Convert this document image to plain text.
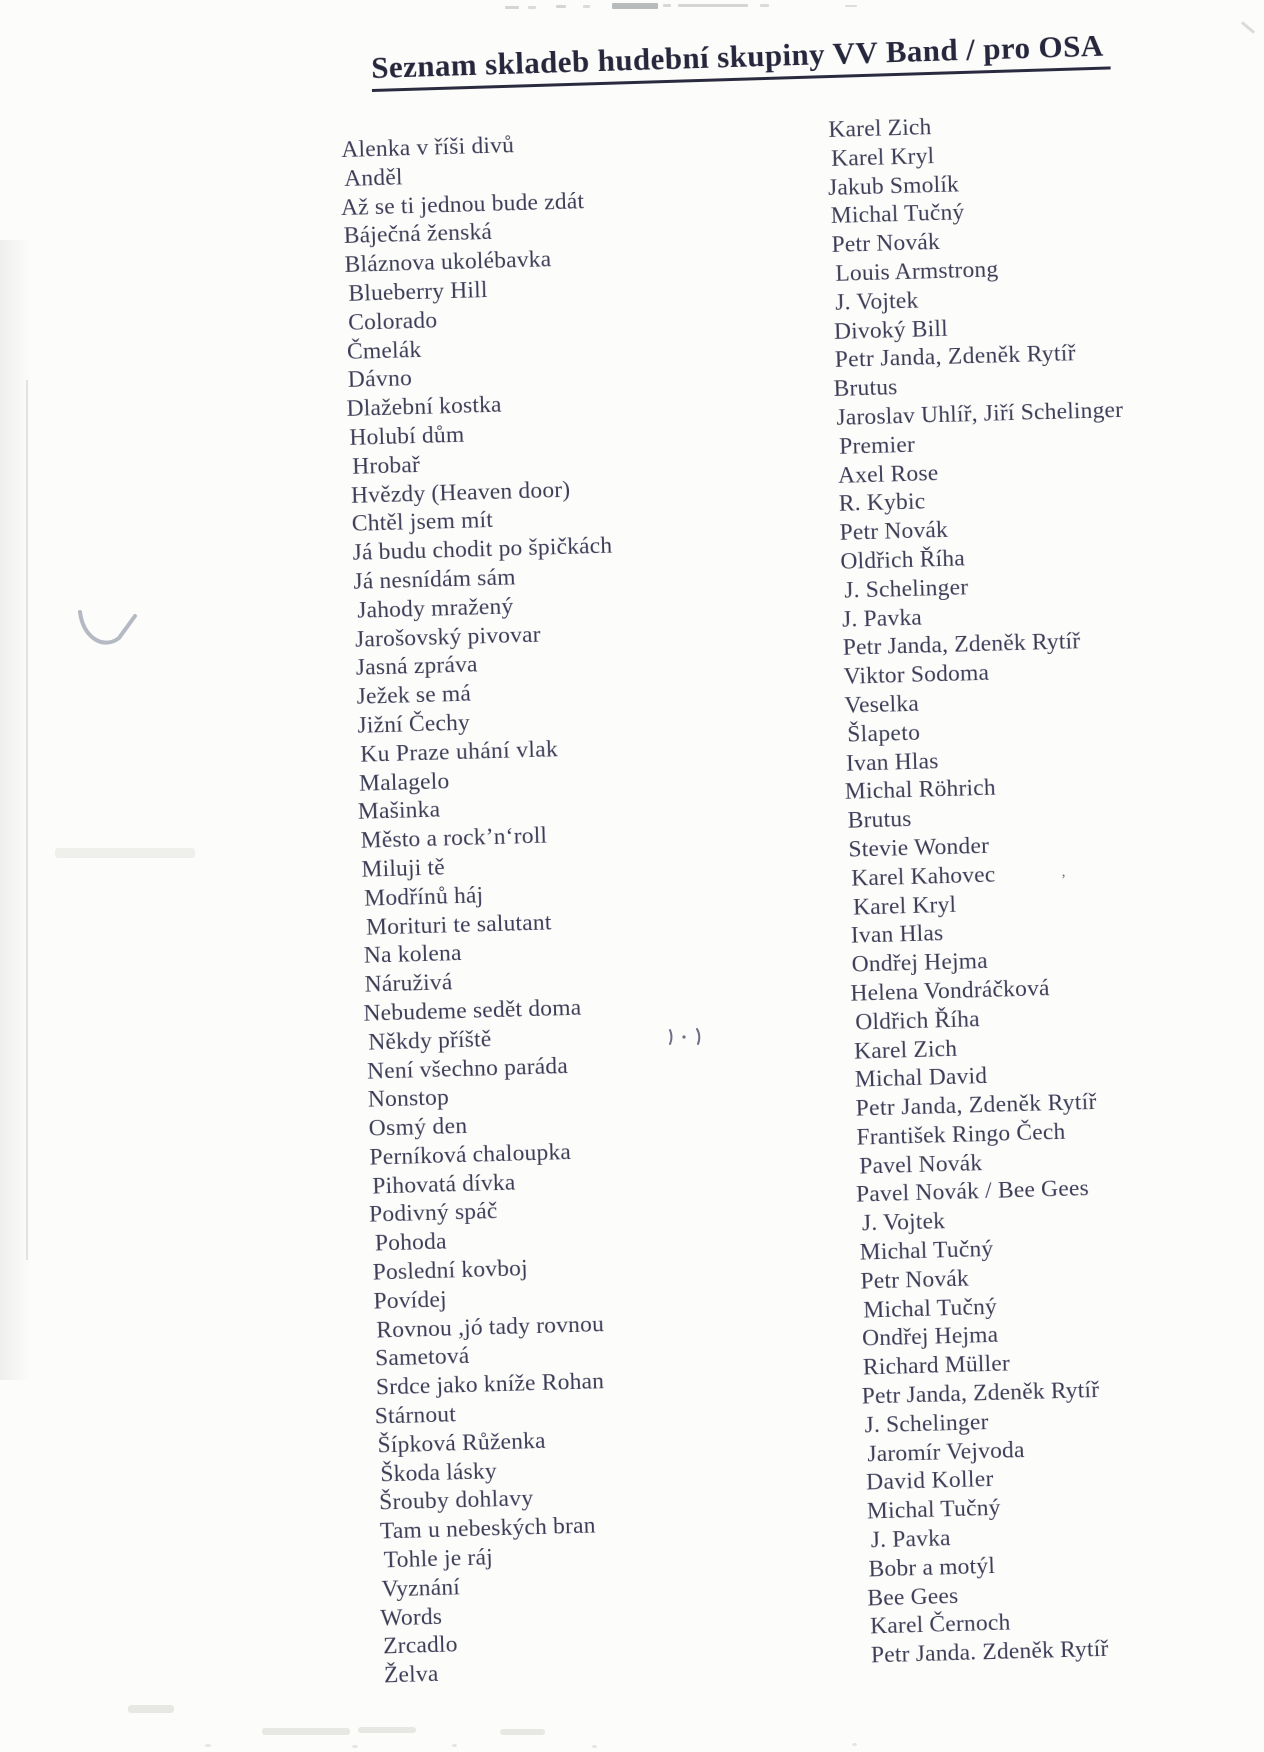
’
Seznam skladeb hudební skupiny VV Band / pro OSA
Alenka v říši divů
Anděl
Až se ti jednou bude zdát
Báječná ženská
Bláznova ukolébavka
Blueberry Hill
Colorado
Čmelák
Dávno
Dlažební kostka
Holubí dům
Hrobař
Hvězdy (Heaven door)
Chtěl jsem mít
Já budu chodit po špičkách
Já nesnídám sám
Jahody mražený
Jarošovský pivovar
Jasná zpráva
Ježek se má
Jižní Čechy
Ku Praze uhání vlak
Malagelo
Mašinka
Město a rock’n‘roll
Miluji tě
Modřínů háj
Morituri te salutant
Na kolena
Náruživá
Nebudeme sedět doma
Někdy příště
Není všechno paráda
Nonstop
Osmý den
Perníková chaloupka
Pihovatá dívka
Podivný spáč
Pohoda
Poslední kovboj
Povídej
Rovnou ,jó tady rovnou
Sametová
Srdce jako kníže Rohan
Stárnout
Šípková Růženka
Škoda lásky
Šrouby dohlavy
Tam u nebeských bran
Tohle je ráj
Vyznání
Words
Zrcadlo
Želva
Karel Zich
Karel Kryl
Jakub Smolík
Michal Tučný
Petr Novák
Louis Armstrong
J. Vojtek
Divoký Bill
Petr Janda, Zdeněk Rytíř
Brutus
Jaroslav Uhlíř, Jiří Schelinger
Premier
Axel Rose
R. Kybic
Petr Novák
Oldřich Říha
J. Schelinger
J. Pavka
Petr Janda, Zdeněk Rytíř
Viktor Sodoma
Veselka
Šlapeto
Ivan Hlas
Michal Röhrich
Brutus
Stevie Wonder
Karel Kahovec
Karel Kryl
Ivan Hlas
Ondřej Hejma
Helena Vondráčková
Oldřich Říha
Karel Zich
Michal David
Petr Janda, Zdeněk Rytíř
František Ringo Čech
Pavel Novák
Pavel Novák / Bee Gees
J. Vojtek
Michal Tučný
Petr Novák
Michal Tučný
Ondřej Hejma
Richard Müller
Petr Janda, Zdeněk Rytíř
J. Schelinger
Jaromír Vejvoda
David Koller
Michal Tučný
J. Pavka
Bobr a motýl
Bee Gees
Karel Černoch
Petr Janda. Zdeněk Rytíř
